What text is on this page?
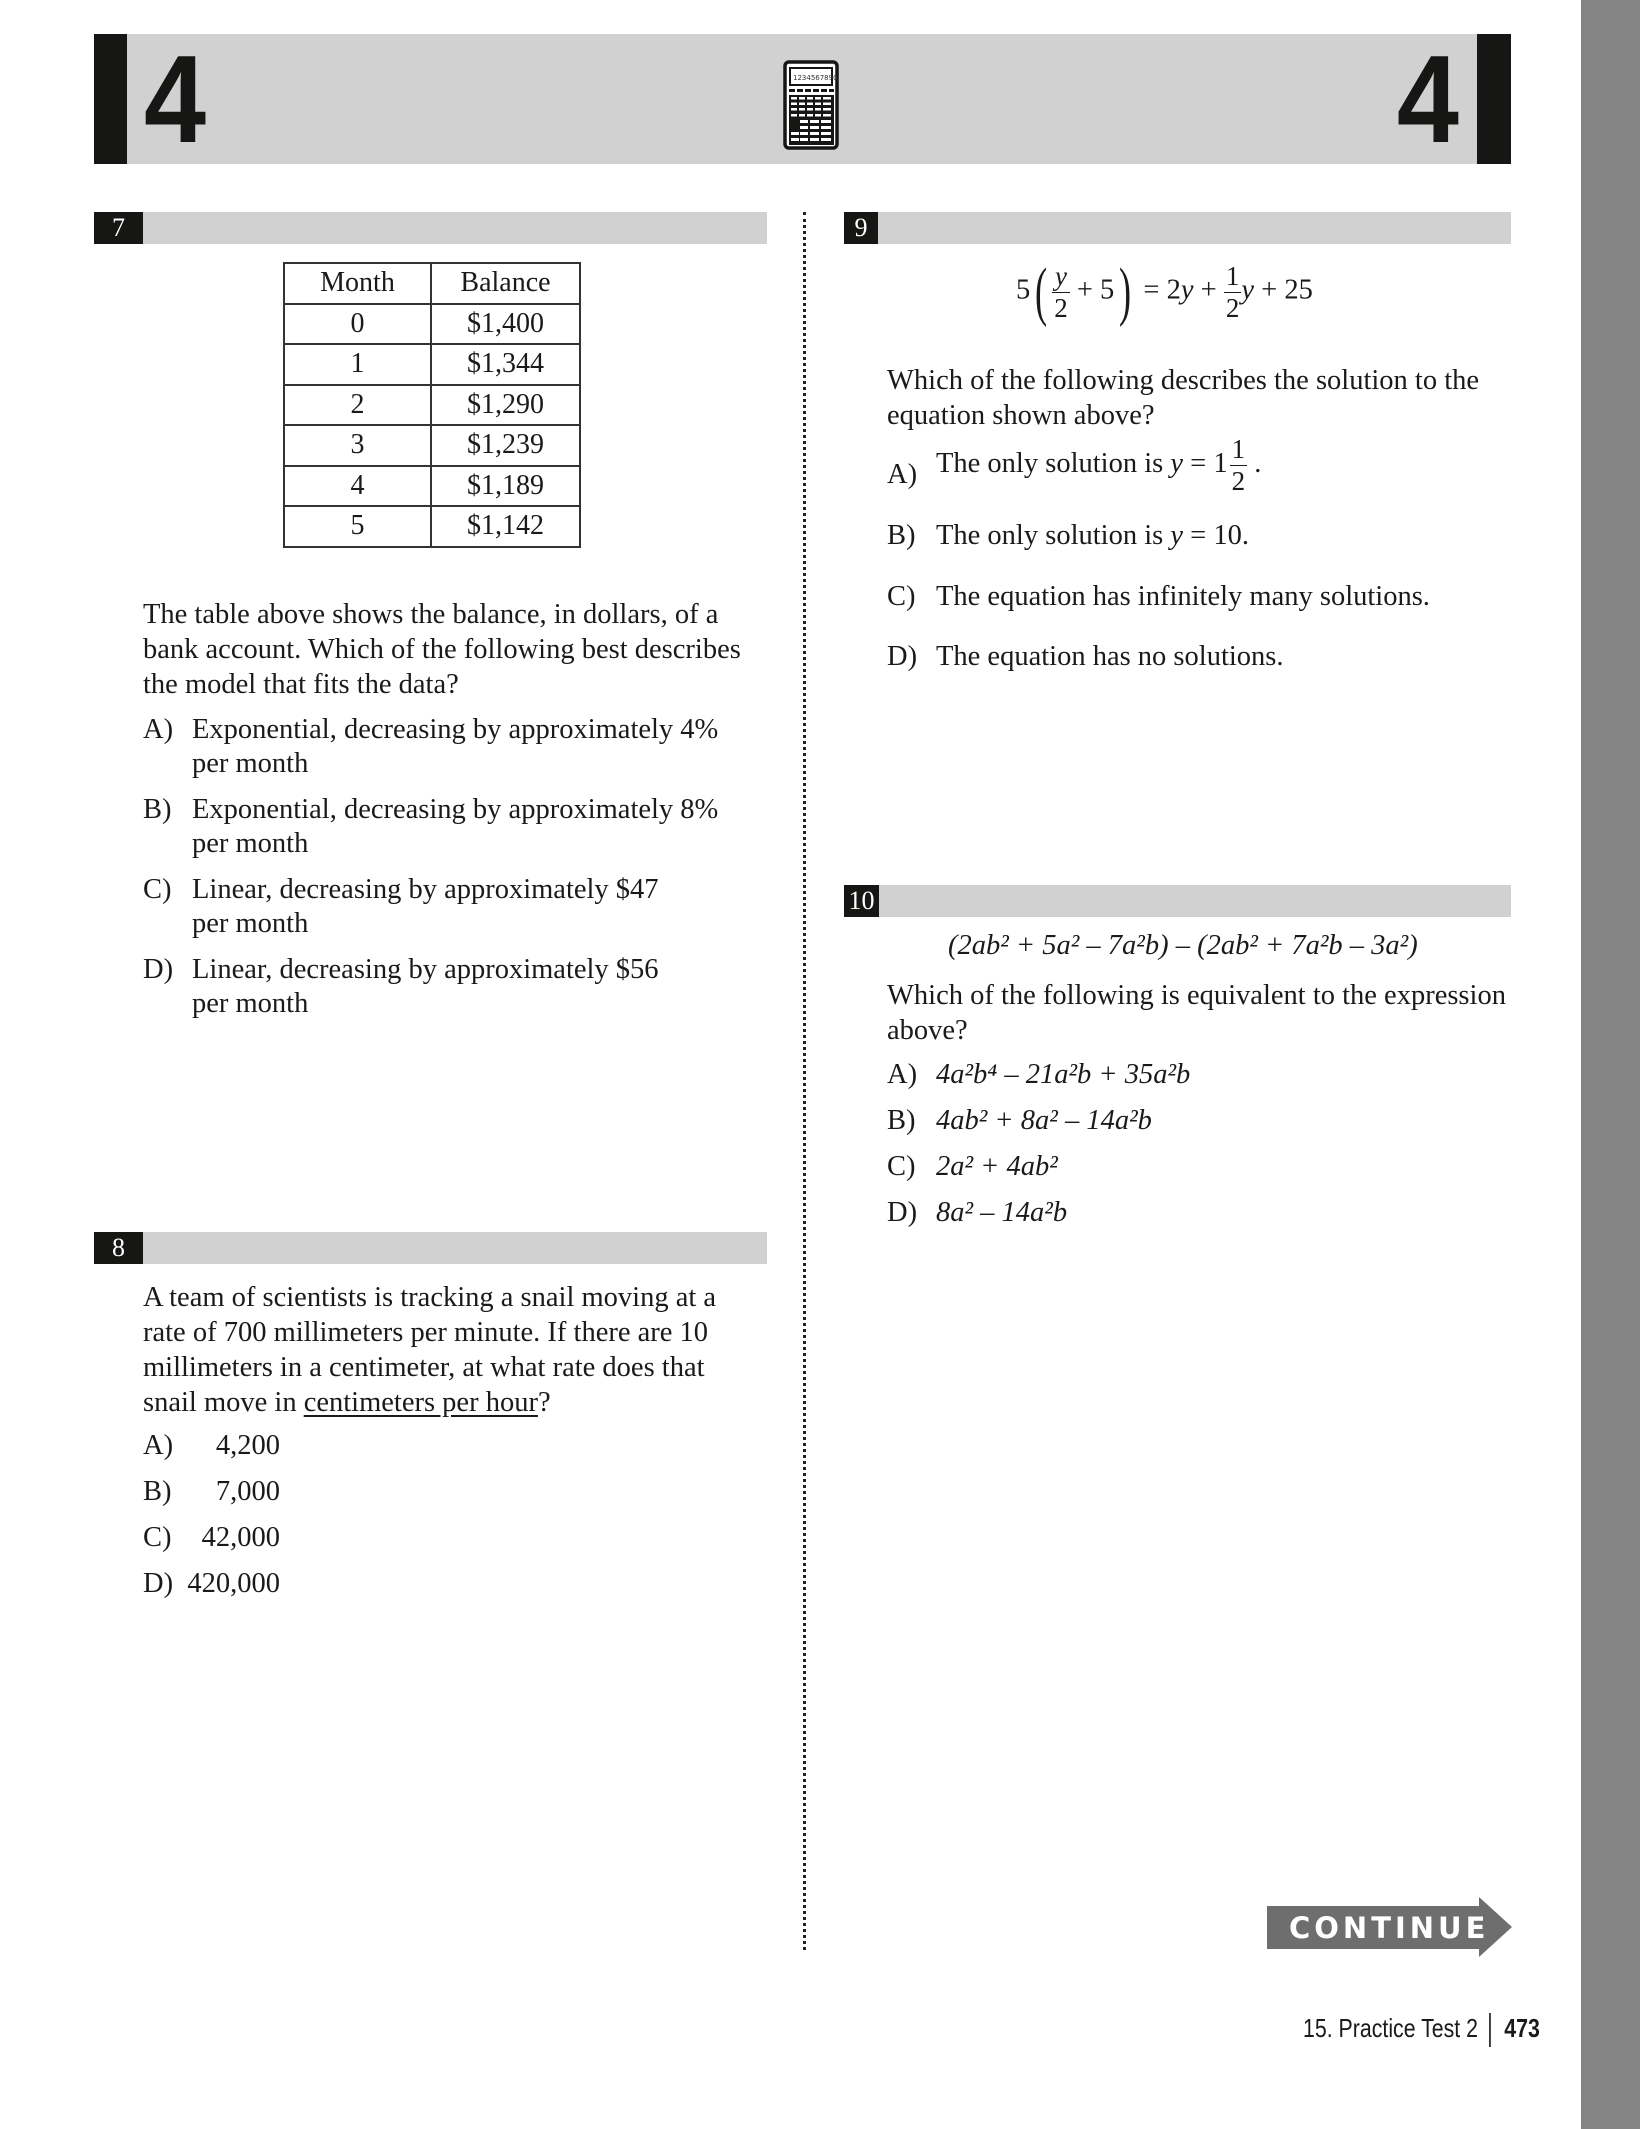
4	1234567890	4
7
Month	Balance
0	$1,400
1	$1,344
2	$1,290
3	$1,239
4	$1,189
5	$1,142
The table above shows the balance, in dollars, of a
bank account. Which of the following best describes
the model that fits the data?
A) Exponential, decreasing by approximately 4%
per month
B) Exponential, decreasing by approximately 8%
per month
C) Linear, decreasing by approximately $47
per month
D) Linear, decreasing by approximately $56
per month
8
A team of scientists is tracking a snail moving at a
rate of 700 millimeters per minute. If there are 10
millimeters in a centimeter, at what rate does that
snail move in centimeters per hour?
A)	4,200
B)	7,000
C)	42,000
D) 420,000
9
$5( \frac{y}{2} + 5) = 2y + \frac{1}{2}$ y + 25
Which of the following describes the solution to the
equation shown above?
A) The only solution is $y = 1 \frac{1}{2}$ .
B) The only solution is y = 10.
C) The equation has infinitely many solutions.
D) The equation has no solutions.
10
(2ab² + 5a² – 7a²b) – (2ab² + 7a²b – 3a²)
Which of the following is equivalent to the expression
above?
A) 4a²b⁴ – 21a²b + 35a²b
B) 4ab² + 8a² – 14a²b
C) 2a² + 4ab²
D) 8a² – 14a²b
CONTINUE
15. Practice Test 2 473
